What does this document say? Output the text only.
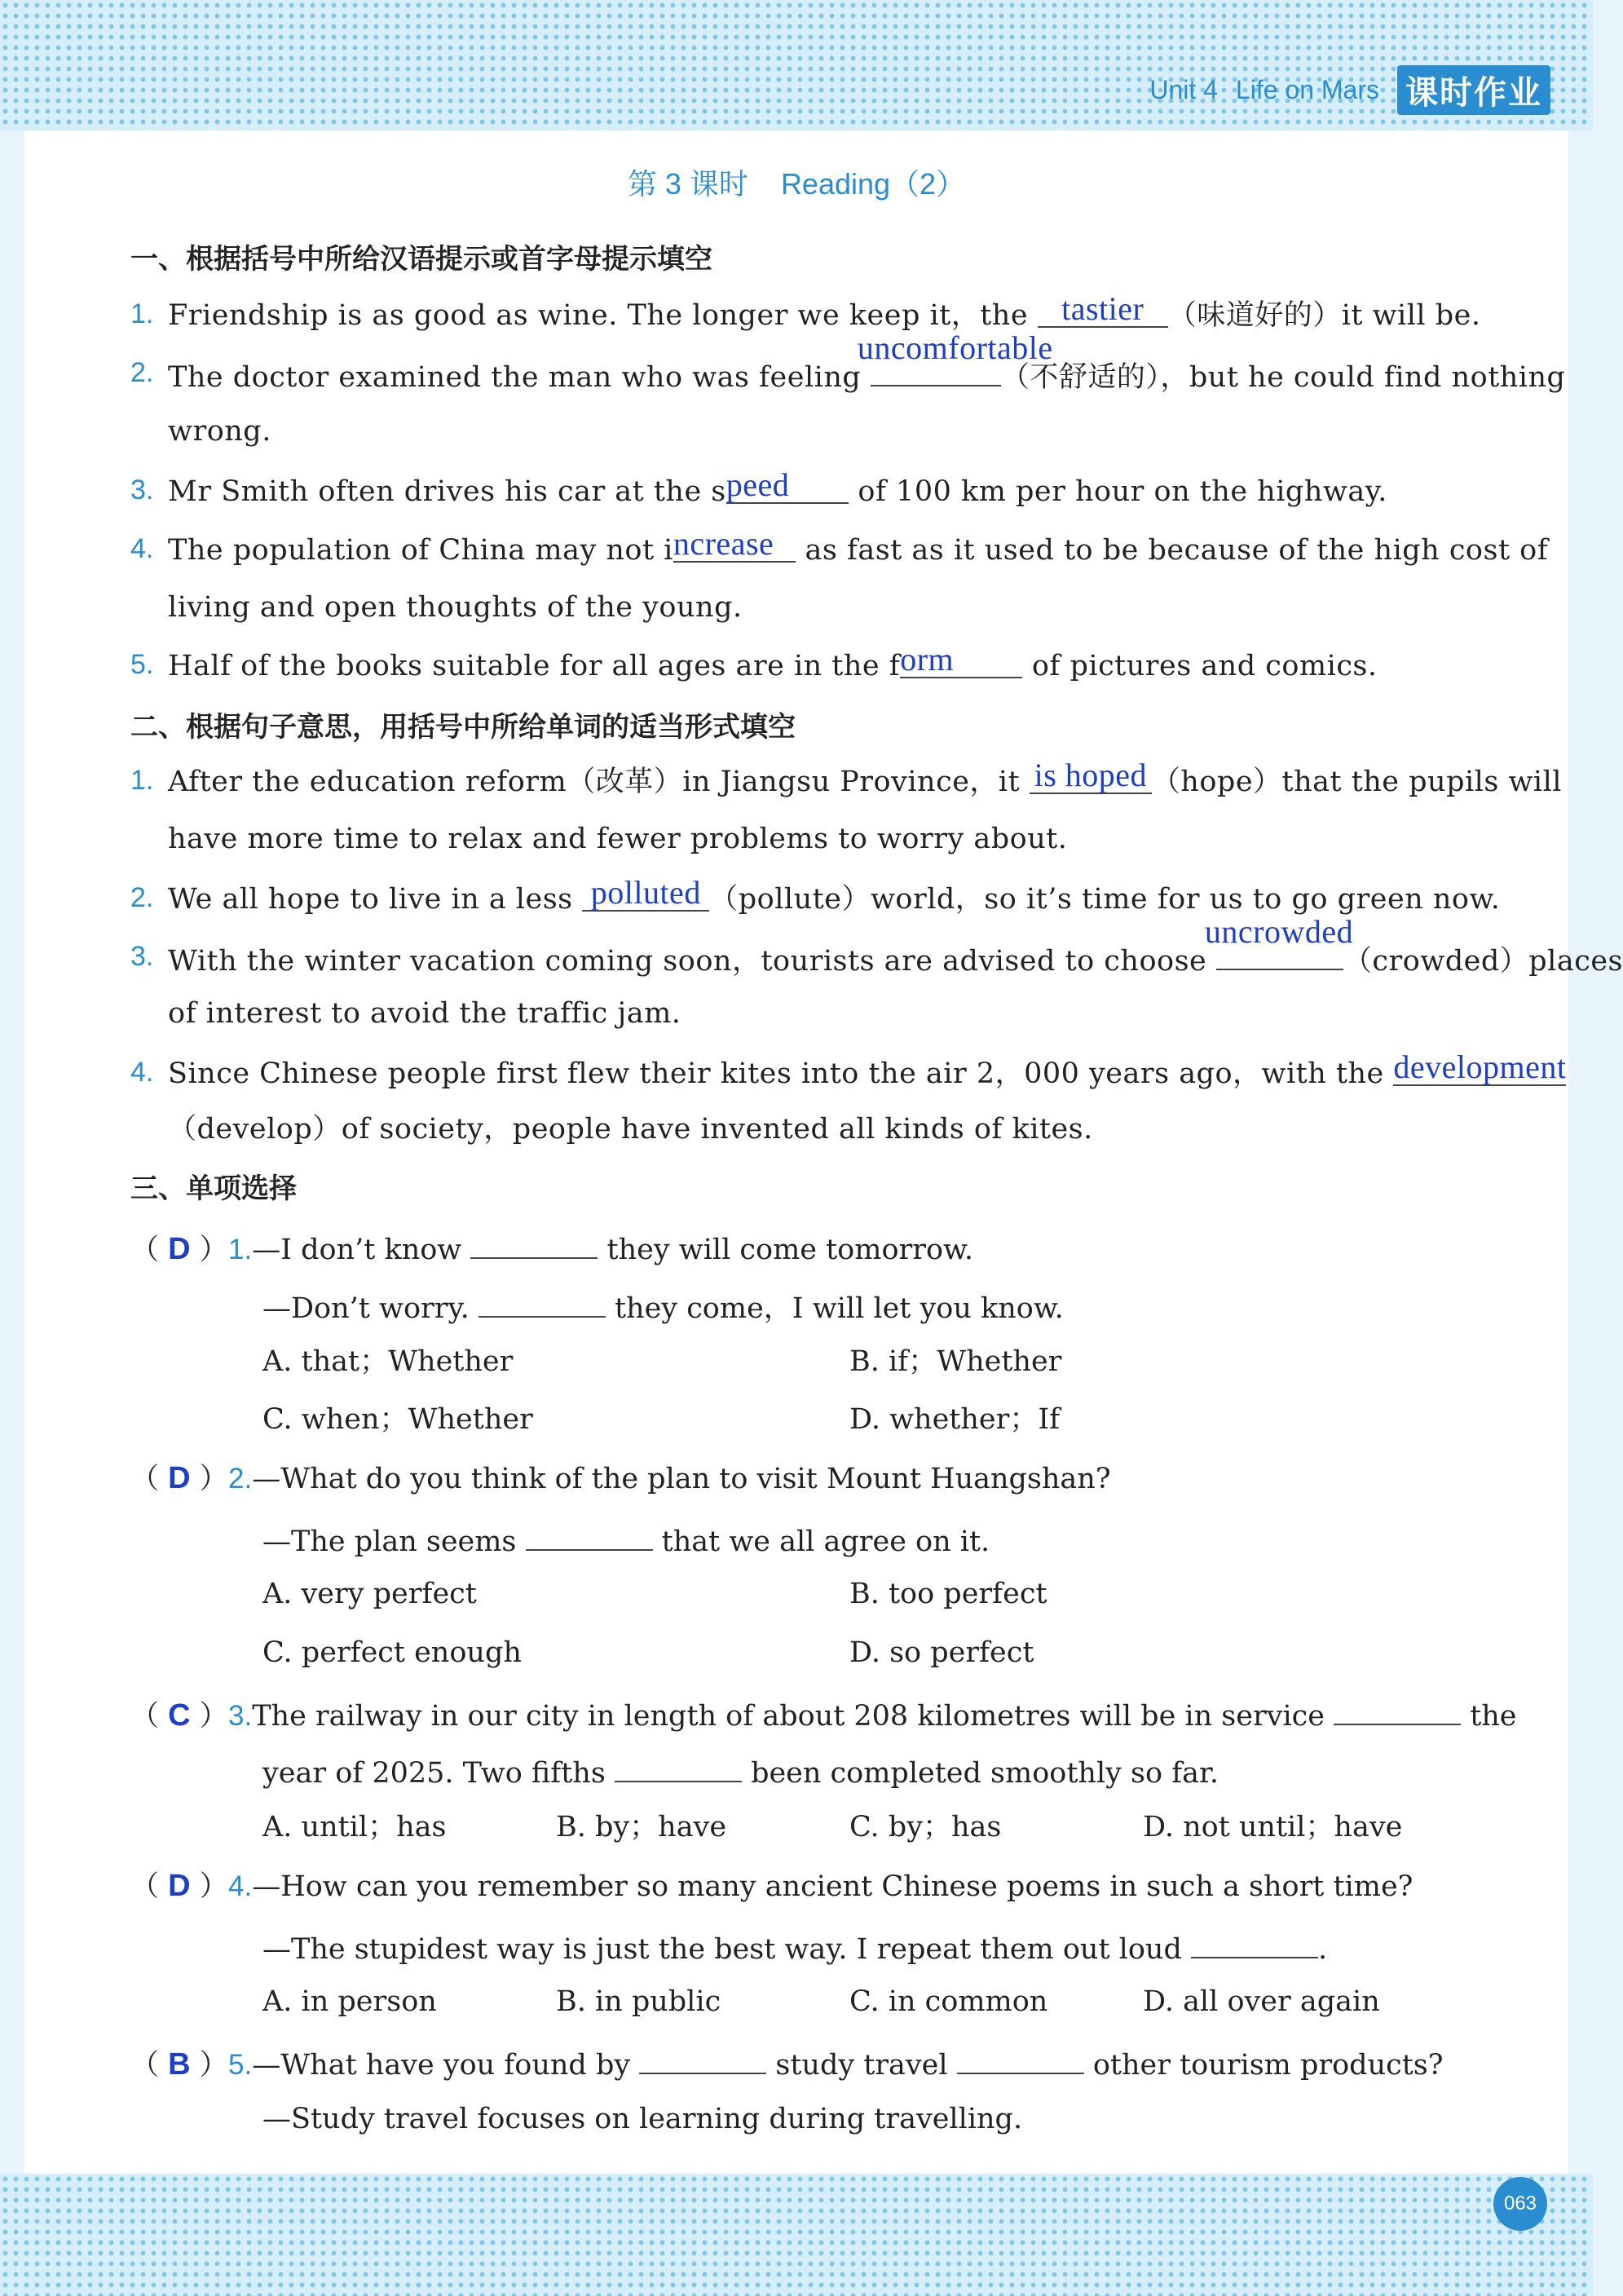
Unit 4 Life on Mars 课时作业
第 3 课时 Reading（2）
一、根据括号中所给汉语提示或首字母提示填空
1. Friendship is as good as wine. The longer we keep it，the tastier （味道好的）it will be.
2. The doctor examined the man who was feeling
uncomfortable
（不舒适的），but he could find nothing
wrong.
3. Mr Smith often drives his car at the speed of 100 km per hour on the highway.
4. The population of China may not increase as fast as it used to be because of the high cost of
living and open thoughts of the young.
5. Half of the books suitable for all ages are in the form of pictures and comics.
二、根据句子意思，用括号中所给单词的适当形式填空
1. After the education reform（改革）in Jiangsu Province，it is hoped （hope）that the pupils will
have more time to relax and fewer problems to worry about.
2. We all hope to live in a less polluted （pollute）world，so it’s time for us to go green now.
3. With the winter vacation coming soon，tourists are advised to choose
uncrowded
（crowded）places
of interest to avoid the traffic jam.
4. Since Chinese people first flew their kites into the air 2，000 years ago，with the development
（develop）of society，people have invented all kinds of kites.
三、单项选择
（ D ）1.—I don’t know	they will come tomorrow.
—Don’t worry.	they come，I will let you know.
A. that；Whether	B. if；Whether
C. when；Whether	D. whether；If
（ D ）2.—What do you think of the plan to visit Mount Huangshan?
—The plan seems	that we all agree on it.
A. very perfect	B. too perfect
C. perfect enough	D. so perfect
（ C ）3.The railway in our city in length of about 208 kilometres will be in service	the
year of 2025. Two fifths	been completed smoothly so far.
A. until；has	B. by；have	C. by；has	D. not until；have
（ D ）4.—How can you remember so many ancient Chinese poems in such a short time?
—The stupidest way is just the best way. I repeat them out loud	.
A. in person	B. in public	C. in common	D. all over again
（ B ）5.—What have you found by	study travel	other tourism products?
—Study travel focuses on learning during travelling.
063
